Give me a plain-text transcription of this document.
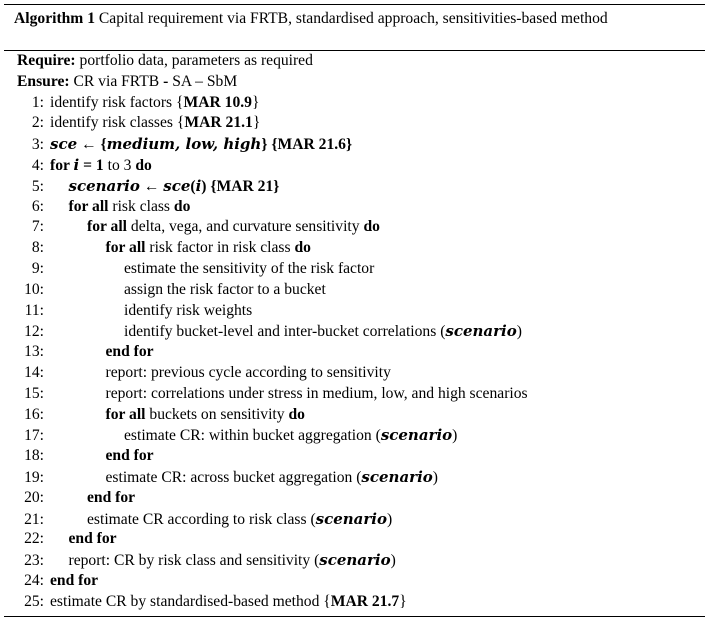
Algorithm 1 Capital requirement via FRTB, standardised approach, sensitivities-based method
Require: portfolio data, parameters as required
Ensure: CR via FRTB - SA – SbM
1: identify risk factors {MAR 10.9}
2: identify risk classes {MAR 21.1}
3: sce ← {medium, low, high} {MAR 21.6}
4: for i = 1 to 3 do
5: scenario ← sce(i) {MAR 21}
6: for all risk class do
7:	for all delta, vega, and curvature sensitivity do
8:	for all risk factor in risk class do
9:	estimate the sensitivity of the risk factor
10:	assign the risk factor to a bucket
11:	identify risk weights
12:	identify bucket-level and inter-bucket correlations (scenario)
13:	end for
14:	report: previous cycle according to sensitivity
15:	report: correlations under stress in medium, low, and high scenarios
16:	for all buckets on sensitivity do
17:	estimate CR: within bucket aggregation (scenario)
18:	end for
19:	estimate CR: across bucket aggregation (scenario)
20:	end for
21:	estimate CR according to risk class (scenario)
22: end for
23: report: CR by risk class and sensitivity (scenario)
24: end for
25: estimate CR by standardised-based method {MAR 21.7}
